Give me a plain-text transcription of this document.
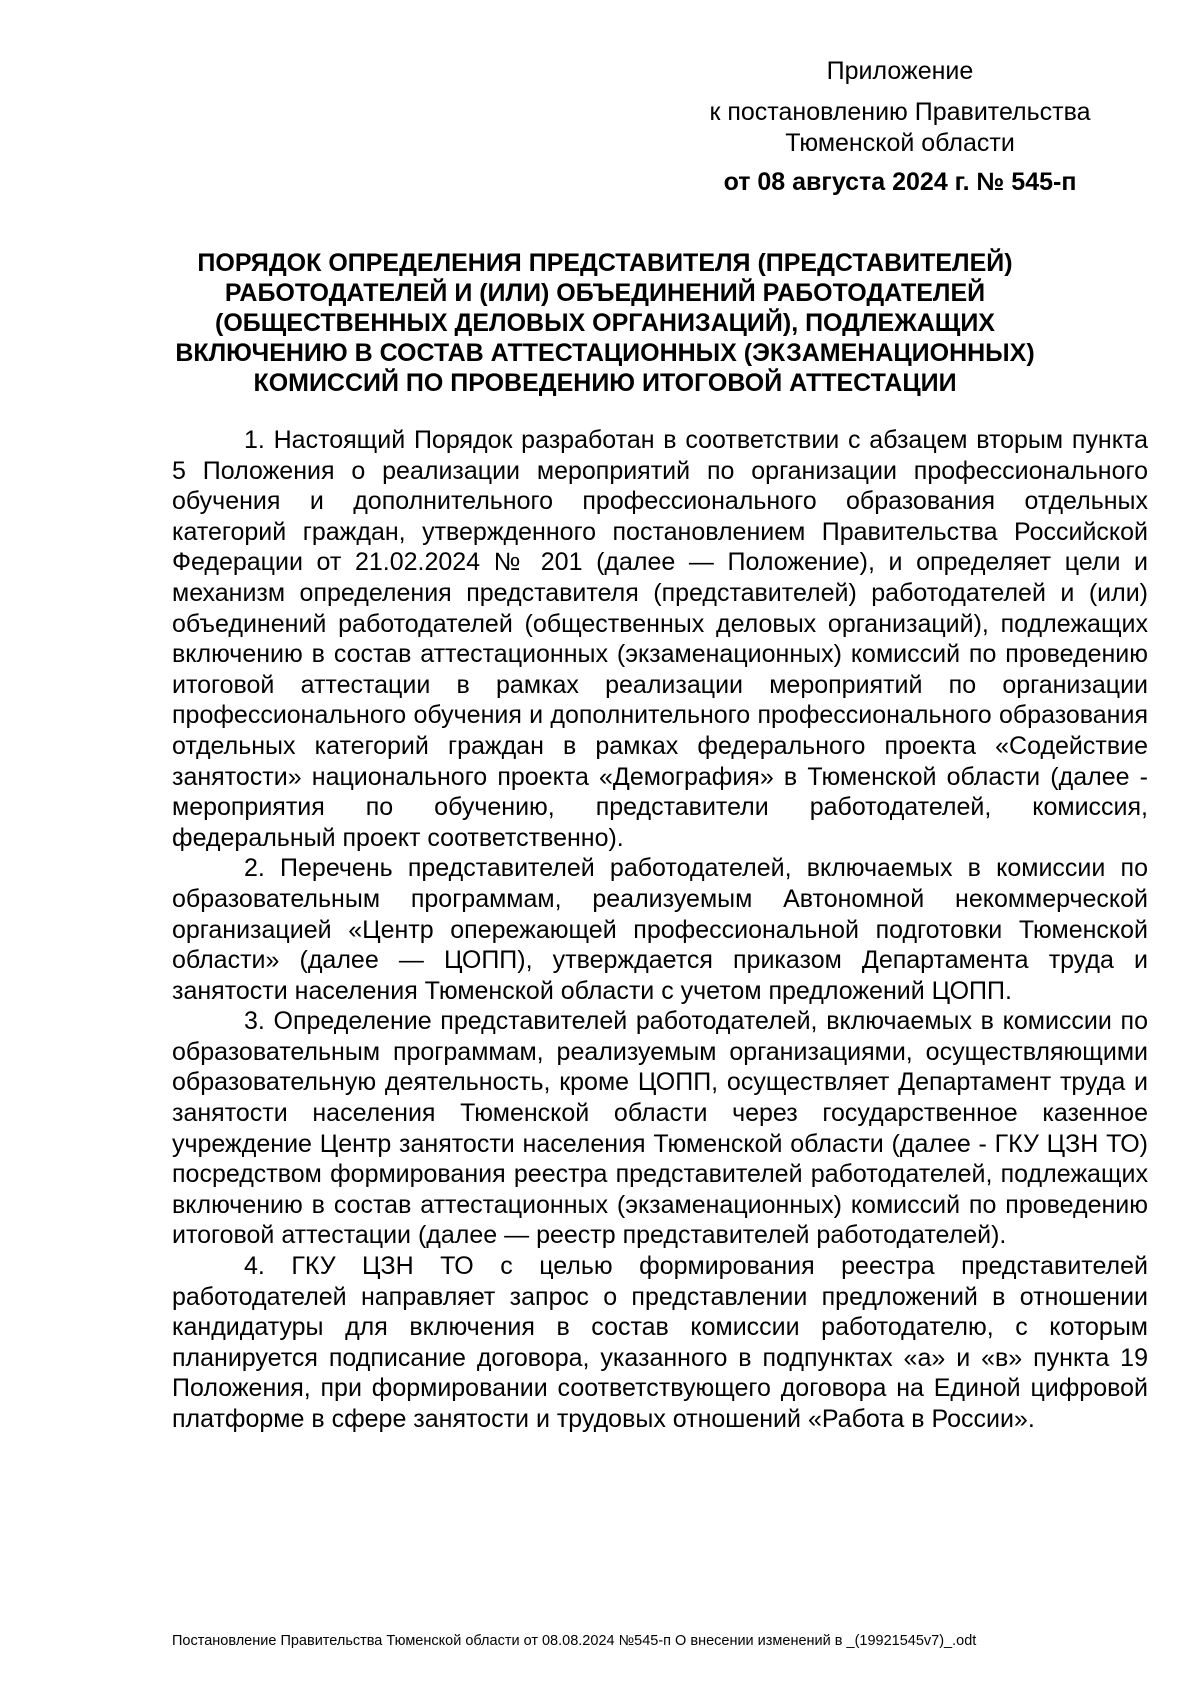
Приложение
к постановлению Правительства
Тюменской области
от 08 августа 2024 г. № 545-п
ПОРЯДОК ОПРЕДЕЛЕНИЯ ПРЕДСТАВИТЕЛЯ (ПРЕДСТАВИТЕЛЕЙ)
РАБОТОДАТЕЛЕЙ И (ИЛИ) ОБЪЕДИНЕНИЙ РАБОТОДАТЕЛЕЙ
(ОБЩЕСТВЕННЫХ ДЕЛОВЫХ ОРГАНИЗАЦИЙ), ПОДЛЕЖАЩИХ
ВКЛЮЧЕНИЮ В СОСТАВ АТТЕСТАЦИОННЫХ (ЭКЗАМЕНАЦИОННЫХ)
КОМИССИЙ ПО ПРОВЕДЕНИЮ ИТОГОВОЙ АТТЕСТАЦИИ

1. Настоящий Порядок разработан в соответствии с абзацем вторым пункта 5 Положения о реализации мероприятий по организации профессионального обучения и дополнительного профессионального образования отдельных категорий граждан, утвержденного постановлением Правительства Российской Федерации от 21.02.2024 № 201 (далее — Положение), и определяет цели и механизм определения представителя (представителей) работодателей и (или) объединений работодателей (общественных деловых организаций), подлежащих включению в состав аттестационных (экзаменационных) комиссий по проведению итоговой аттестации в рамках реализации мероприятий по организации профессионального обучения и дополнительного профессионального образования отдельных категорий граждан в рамках федерального проекта «Содействие занятости» национального проекта «Демография» в Тюменской области (далее - мероприятия по обучению, представители работодателей, комиссия, федеральный проект соответственно).

2. Перечень представителей работодателей, включаемых в комиссии по образовательным программам, реализуемым Автономной некоммерческой организацией «Центр опережающей профессиональной подготовки Тюменской области» (далее — ЦОПП), утверждается приказом Департамента труда и занятости населения Тюменской области с учетом предложений ЦОПП.

3. Определение представителей работодателей, включаемых в комиссии по образовательным программам, реализуемым организациями, осуществляющими образовательную деятельность, кроме ЦОПП, осуществляет Департамент труда и занятости населения Тюменской области через государственное казенное учреждение Центр занятости населения Тюменской области (далее - ГКУ ЦЗН ТО) посредством формирования реестра представителей работодателей, подлежащих включению в состав аттестационных (экзаменационных) комиссий по проведению итоговой аттестации (далее — реестр представителей работодателей).

4. ГКУ ЦЗН ТО с целью формирования реестра представителей работодателей направляет запрос о представлении предложений в отношении кандидатуры для включения в состав комиссии работодателю, с которым планируется подписание договора, указанного в подпунктах «а» и «в» пункта 19 Положения, при формировании соответствующего договора на Единой цифровой платформе в сфере занятости и трудовых отношений «Работа в России».

Постановление Правительства Тюменской области от 08.08.2024 №545-п О внесении изменений в _(19921545v7)_.odt
